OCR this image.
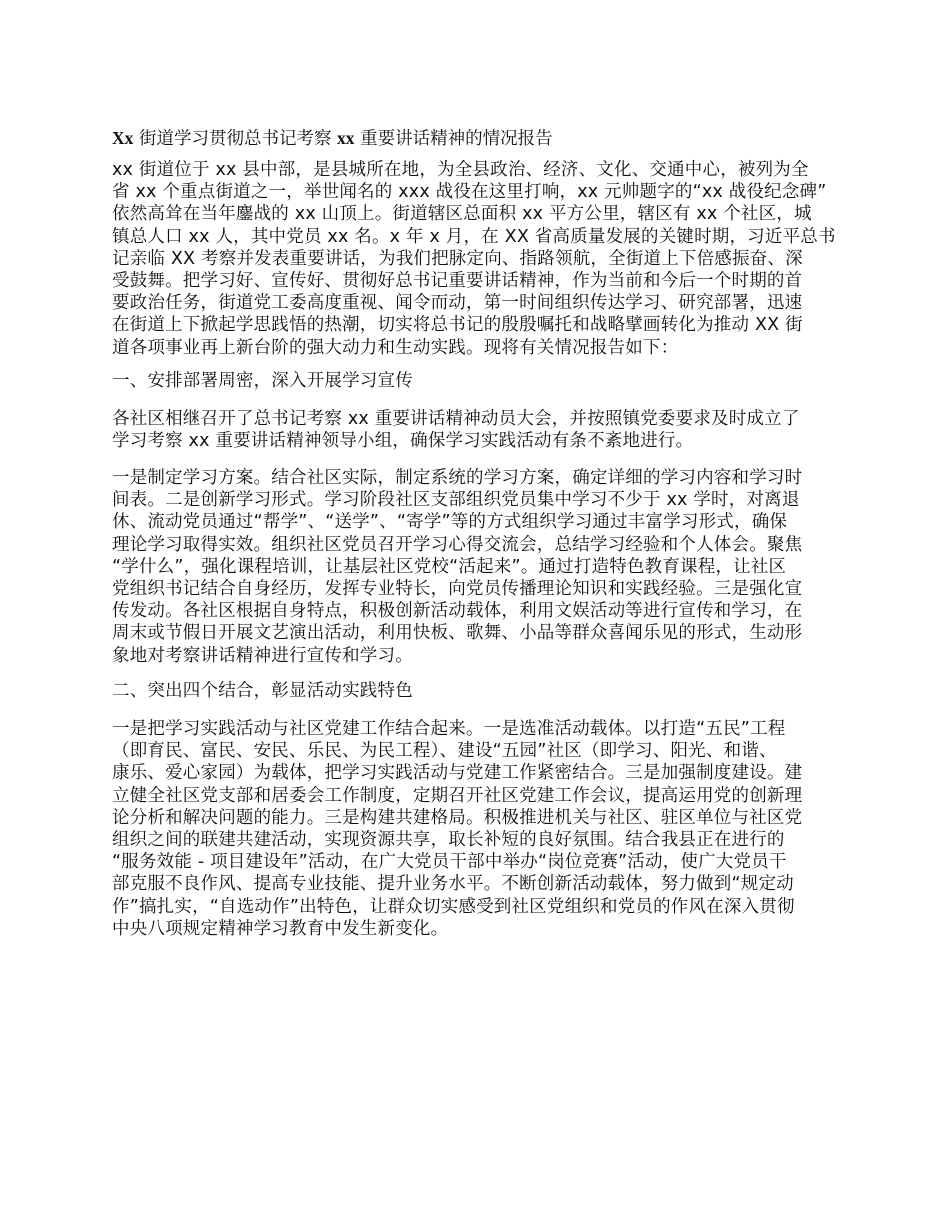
Xx 街道学习贯彻总书记考察 xx 重要讲话精神的情况报告
xx 街道位于 xx 县中部，是县城所在地，为全县政治、经济、文化、交通中心，被列为全
省 xx 个重点街道之一，举世闻名的 xxx 战役在这里打响，xx 元帅题字的“xx 战役纪念碑”
依然高耸在当年鏖战的 xx 山顶上。街道辖区总面积 xx 平方公里，辖区有 xx 个社区，城
镇总人口 xx 人，其中党员 xx 名。x 年 x 月，在 XX 省高质量发展的关键时期，习近平总书
记亲临 XX 考察并发表重要讲话，为我们把脉定向、指路领航，全街道上下倍感振奋、深
受鼓舞。把学习好、宣传好、贯彻好总书记重要讲话精神，作为当前和今后一个时期的首
要政治任务，街道党工委高度重视、闻令而动，第一时间组织传达学习、研究部署，迅速
在街道上下掀起学思践悟的热潮，切实将总书记的殷殷嘱托和战略擘画转化为推动 XX 街
道各项事业再上新台阶的强大动力和生动实践。现将有关情况报告如下：
一、安排部署周密，深入开展学习宣传
各社区相继召开了总书记考察 xx 重要讲话精神动员大会，并按照镇党委要求及时成立了
学习考察 xx 重要讲话精神领导小组，确保学习实践活动有条不紊地进行。
一是制定学习方案。结合社区实际，制定系统的学习方案，确定详细的学习内容和学习时
间表。二是创新学习形式。学习阶段社区支部组织党员集中学习不少于 xx 学时，对离退
休、流动党员通过“帮学”、“送学”、“寄学”等的方式组织学习通过丰富学习形式，确保
理论学习取得实效。组织社区党员召开学习心得交流会，总结学习经验和个人体会。聚焦
“学什么”，强化课程培训，让基层社区党校“活起来”。通过打造特色教育课程，让社区
党组织书记结合自身经历，发挥专业特长，向党员传播理论知识和实践经验。三是强化宣
传发动。各社区根据自身特点，积极创新活动载体，利用文娱活动等进行宣传和学习，在
周末或节假日开展文艺演出活动，利用快板、歌舞、小品等群众喜闻乐见的形式，生动形
象地对考察讲话精神进行宣传和学习。
二、突出四个结合，彰显活动实践特色
一是把学习实践活动与社区党建工作结合起来。一是选准活动载体。以打造“五民”工程
（即育民、富民、安民、乐民、为民工程）、建设“五园”社区（即学习、阳光、和谐、
康乐、爱心家园）为载体，把学习实践活动与党建工作紧密结合。三是加强制度建设。建
立健全社区党支部和居委会工作制度，定期召开社区党建工作会议，提高运用党的创新理
论分析和解决问题的能力。三是构建共建格局。积极推进机关与社区、驻区单位与社区党
组织之间的联建共建活动，实现资源共享，取长补短的良好氛围。结合我县正在进行的
“服务效能 - 项目建设年”活动，在广大党员干部中举办“岗位竞赛”活动，使广大党员干
部克服不良作风、提高专业技能、提升业务水平。不断创新活动载体，努力做到“规定动
作”搞扎实，“自选动作”出特色，让群众切实感受到社区党组织和党员的作风在深入贯彻
中央八项规定精神学习教育中发生新变化。
